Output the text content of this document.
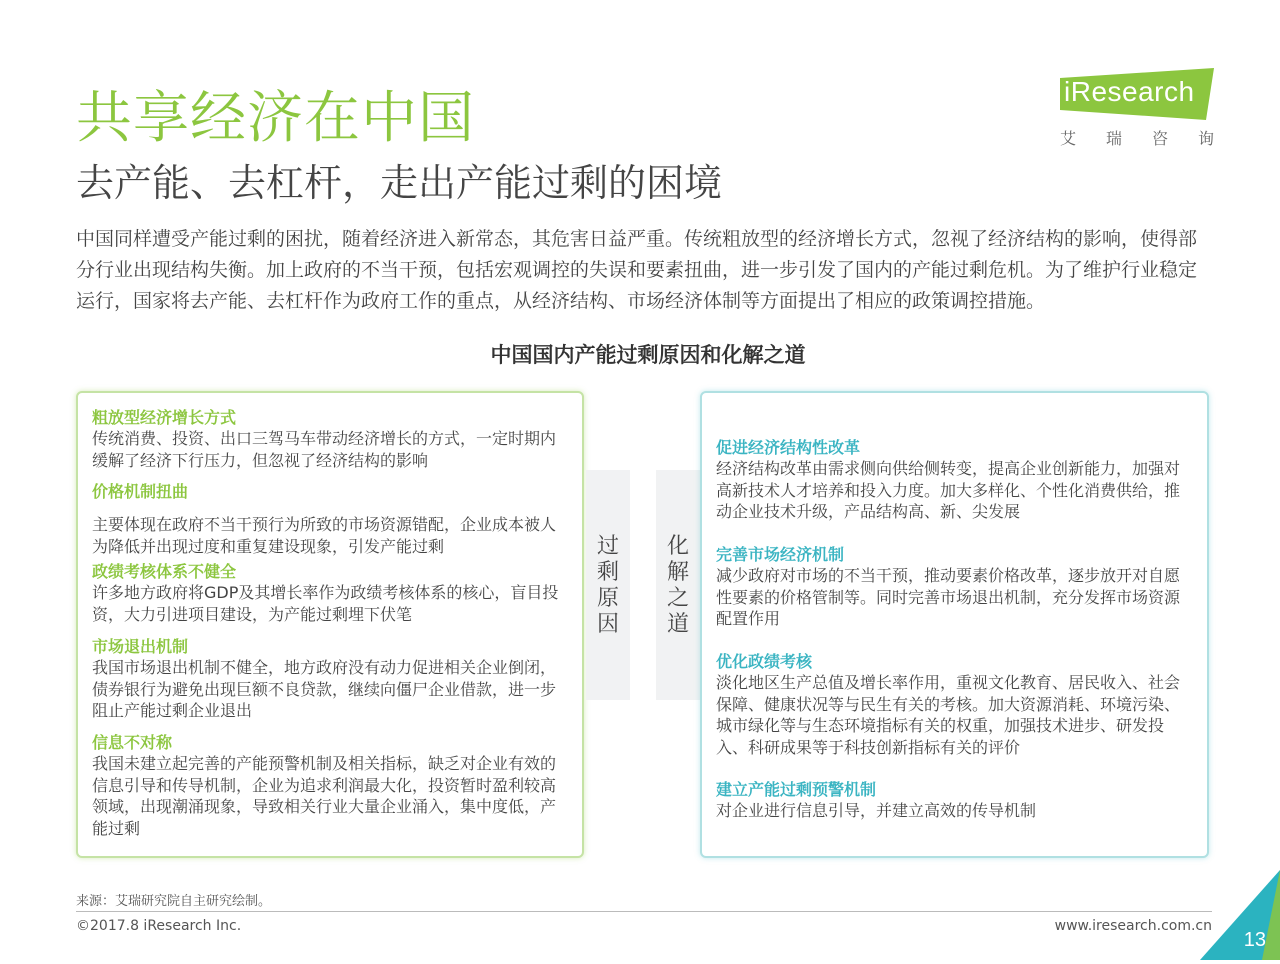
共享经济在中国
去产能、去杠杆，走出产能过剩的困境
iResearch
艾瑞咨询

中国同样遭受产能过剩的困扰，随着经济进入新常态，其危害日益严重。传统粗放型的经济增长方式，忽视了经济结构的影响，使得部分行业出现结构失衡。加上政府的不当干预，包括宏观调控的失误和要素扭曲，进一步引发了国内的产能过剩危机。为了维护行业稳定运行，国家将去产能、去杠杆作为政府工作的重点，从经济结构、市场经济体制等方面提出了相应的政策调控措施。

中国国内产能过剩原因和化解之道

粗放型经济增长方式

传统消费、投资、出口三驾马车带动经济增长的方式，一定时期内缓解了经济下行压力，但忽视了经济结构的影响

价格机制扭曲

主要体现在政府不当干预行为所致的市场资源错配，企业成本被人为降低并出现过度和重复建设现象，引发产能过剩

政绩考核体系不健全

许多地方政府将GDP及其增长率作为政绩考核体系的核心，盲目投资，大力引进项目建设，为产能过剩埋下伏笔

市场退出机制

我国市场退出机制不健全，地方政府没有动力促进相关企业倒闭，债券银行为避免出现巨额不良贷款，继续向僵尸企业借款，进一步阻止产能过剩企业退出

信息不对称

我国未建立起完善的产能预警机制及相关指标，缺乏对企业有效的信息引导和传导机制，企业为追求利润最大化，投资暂时盈利较高领域，出现潮涌现象，导致相关行业大量企业涌入，集中度低，产能过剩

过剩原因
化解之道

促进经济结构性改革

经济结构改革由需求侧向供给侧转变，提高企业创新能力，加强对高新技术人才培养和投入力度。加大多样化、个性化消费供给，推动企业技术升级，产品结构高、新、尖发展

完善市场经济机制

减少政府对市场的不当干预，推动要素价格改革，逐步放开对自愿性要素的价格管制等。同时完善市场退出机制，充分发挥市场资源配置作用

优化政绩考核

淡化地区生产总值及增长率作用，重视文化教育、居民收入、社会保障、健康状况等与民生有关的考核。加大资源消耗、环境污染、城市绿化等与生态环境指标有关的权重，加强技术进步、研发投入、科研成果等于科技创新指标有关的评价

建立产能过剩预警机制

对企业进行信息引导，并建立高效的传导机制

来源：艾瑞研究院自主研究绘制。

©2017.8 iResearch Inc.	www.iresearch.com.cn

13
